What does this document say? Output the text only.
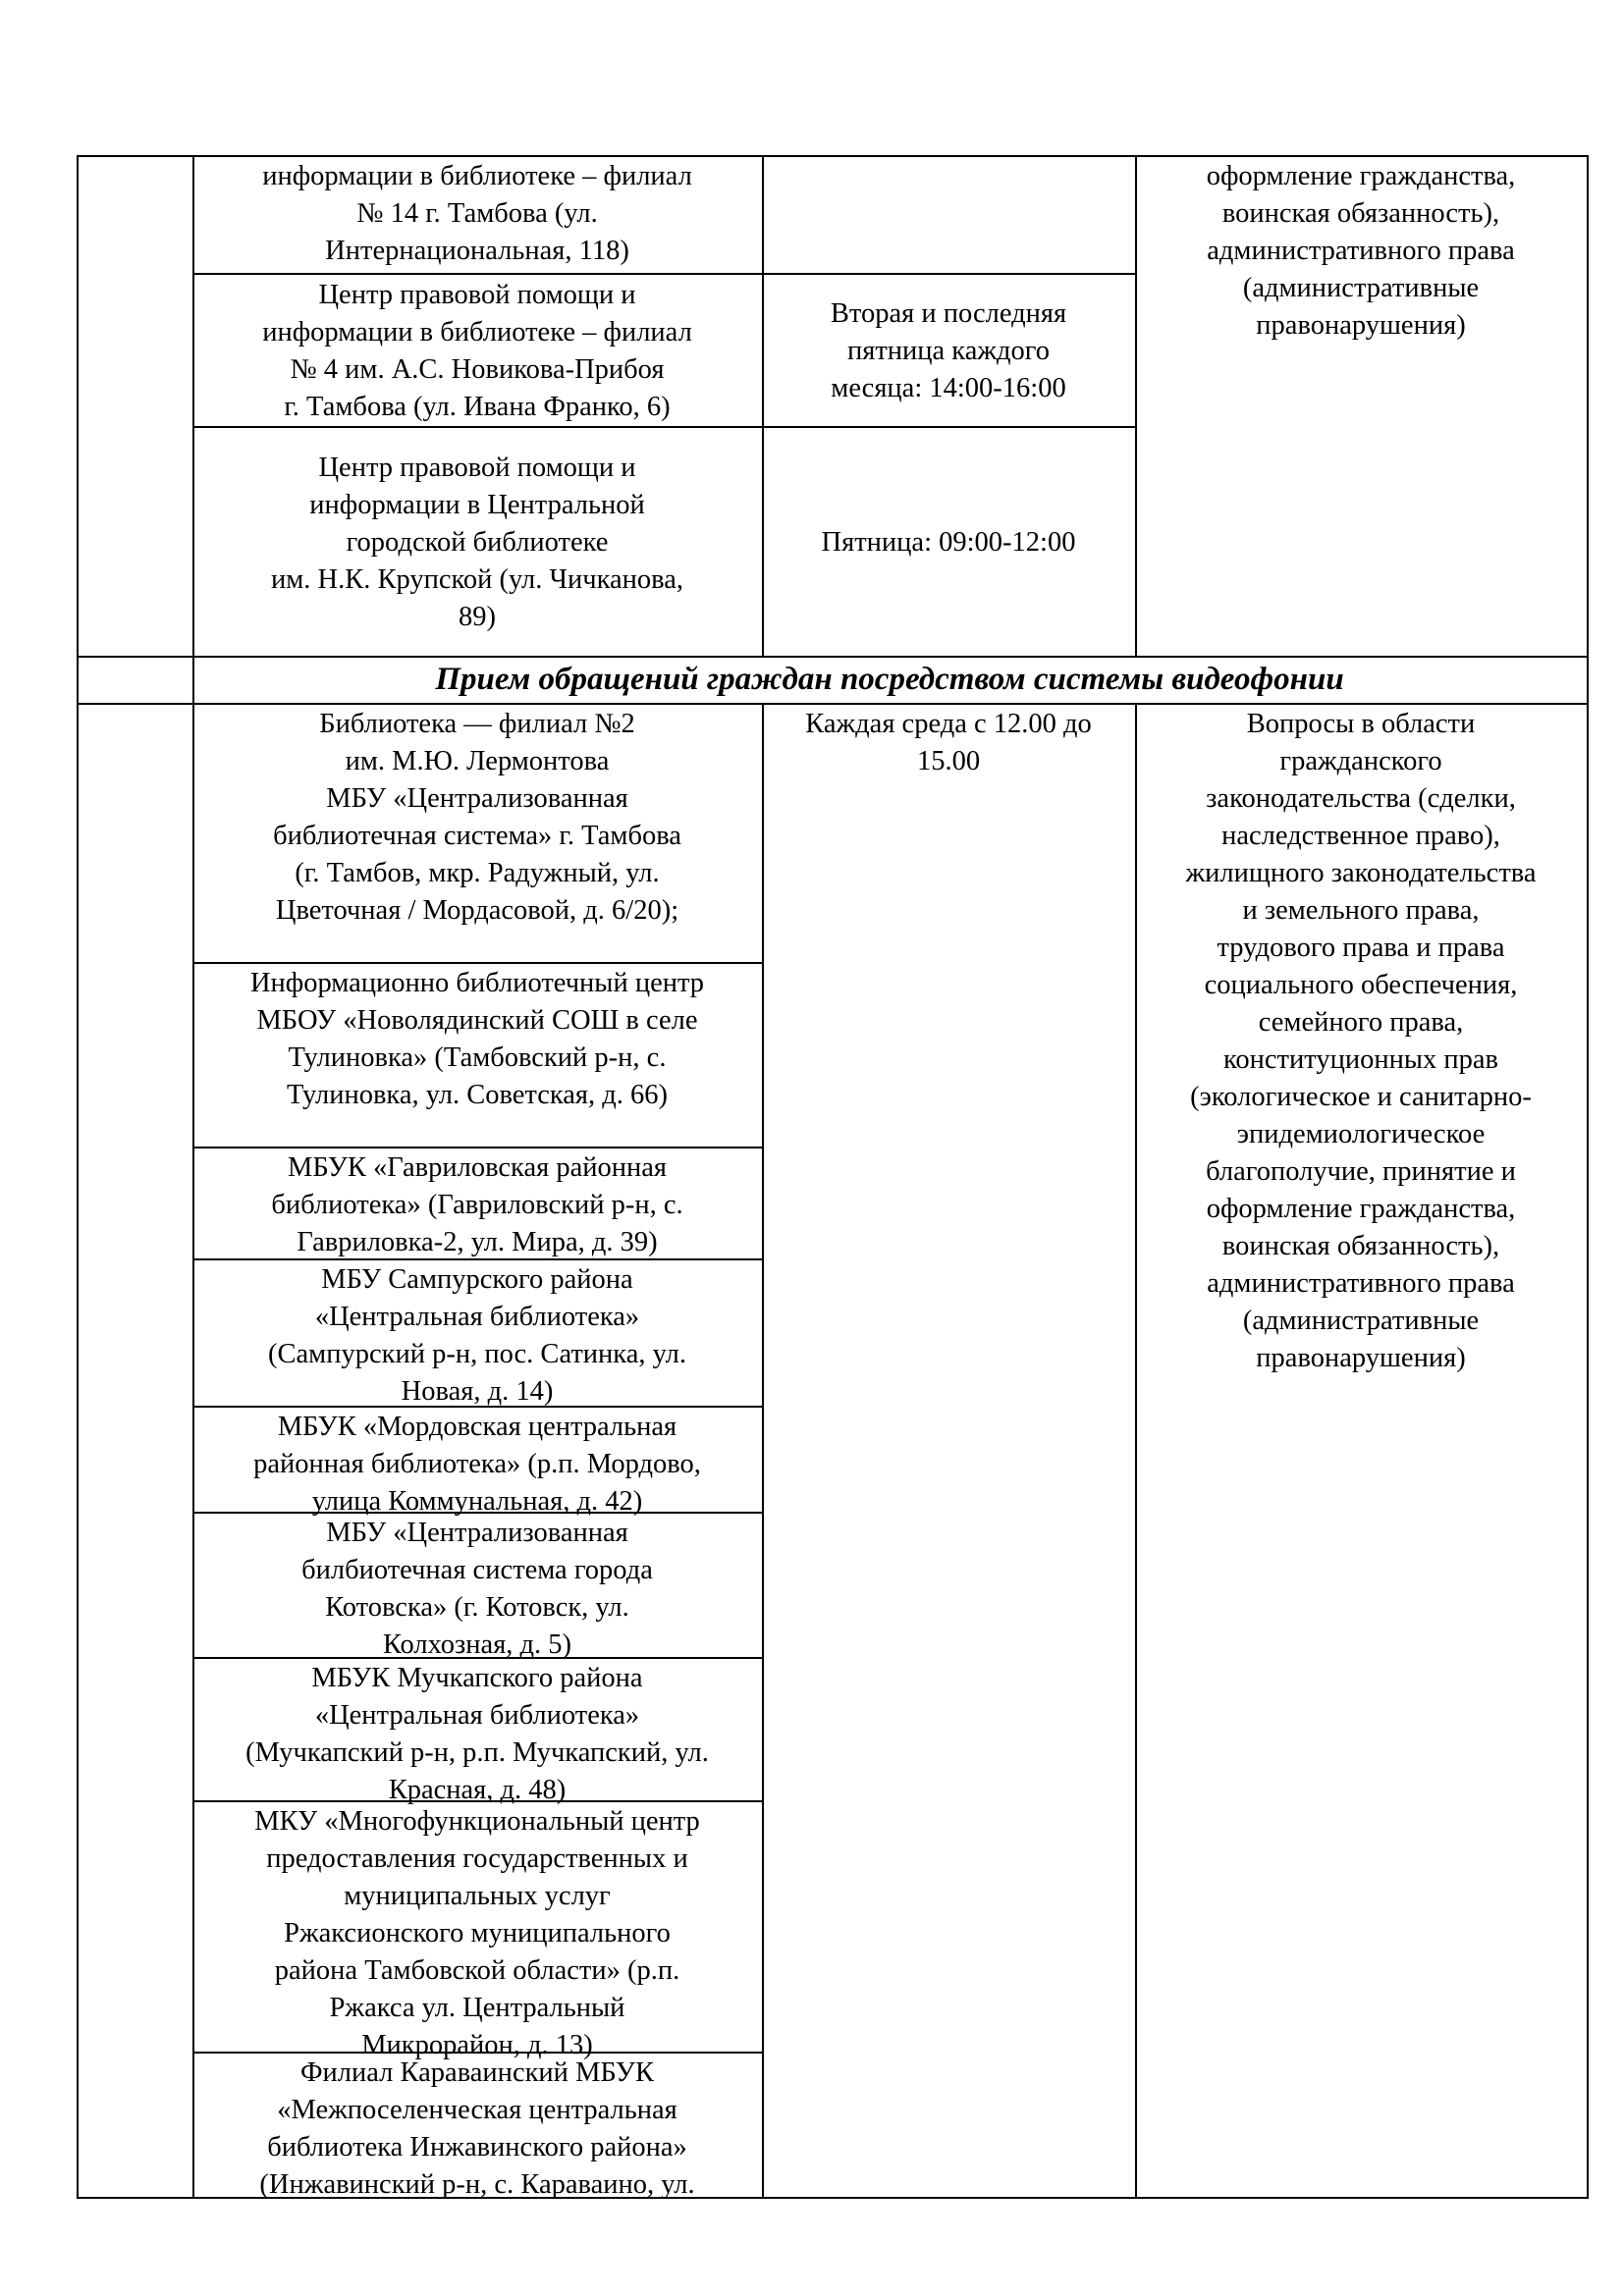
информации в библиотеке – филиал
№ 14 г. Тамбова (ул.
Интернациональная, 118)
Центр правовой помощи и
информации в библиотеке – филиал
№ 4 им. А.С. Новикова-Прибоя
г. Тамбова (ул. Ивана Франко, 6)
Вторая и последняя
пятница каждого
месяца: 14:00-16:00
Центр правовой помощи и
информации в Центральной
городской библиотеке
им. Н.К. Крупской (ул. Чичканова,
89)
Пятница: 09:00-12:00
оформление гражданства,
воинская обязанность),
административного права
(административные
правонарушения)
Прием обращений граждан посредством системы видеофонии
Библиотека — филиал №2
им. М.Ю. Лермонтова
МБУ «Централизованная
библиотечная система» г. Тамбова
(г. Тамбов, мкр. Радужный, ул.
Цветочная / Мордасовой, д. 6/20);
Информационно библиотечный центр
МБОУ «Новолядинский СОШ в селе
Тулиновка» (Тамбовский р-н, с.
Тулиновка, ул. Советская, д. 66)
МБУК «Гавриловская районная
библиотека» (Гавриловский р-н, с.
Гавриловка-2, ул. Мира, д. 39)
МБУ Сампурского района
«Центральная библиотека»
(Сампурский р-н, пос. Сатинка, ул.
Новая, д. 14)
МБУК «Мордовская центральная
районная библиотека» (р.п. Мордово,
улица Коммунальная, д. 42)
МБУ «Централизованная
билбиотечная система города
Котовска» (г. Котовск, ул.
Колхозная, д. 5)
МБУК Мучкапского района
«Центральная библиотека»
(Мучкапский р-н, р.п. Мучкапский, ул.
Красная, д. 48)
МКУ «Многофункциональный центр
предоставления государственных и
муниципальных услуг
Ржаксионского муниципального
района Тамбовской области» (р.п.
Ржакса ул. Центральный
Микрорайон, д. 13)
Филиал Караваинский МБУК
«Межпоселенческая центральная
библиотека Инжавинского района»
(Инжавинский р-н, с. Караваино, ул.
Каждая среда с 12.00 до
15.00
Вопросы в области
гражданского
законодательства (сделки,
наследственное право),
жилищного законодательства
и земельного права,
трудового права и права
социального обеспечения,
семейного права,
конституционных прав
(экологическое и санитарно-
эпидемиологическое
благополучие, принятие и
оформление гражданства,
воинская обязанность),
административного права
(административные
правонарушения)
